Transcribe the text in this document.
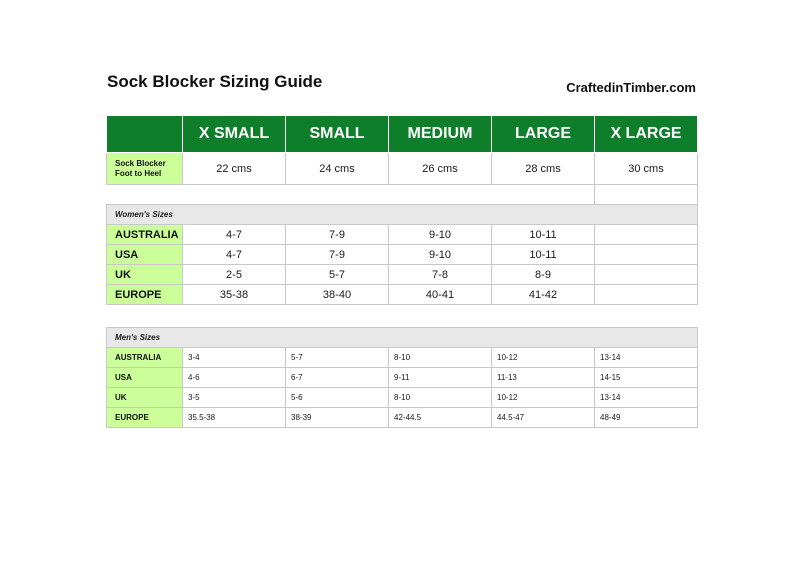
Sock Blocker Sizing Guide	CraftedinTimber.com
	X SMALL	SMALL	MEDIUM	LARGE	X LARGE
Sock Blocker
Foot to Heel	22 cms	24 cms	26 cms	28 cms	30 cms

Women's Sizes					
AUSTRALIA	4-7	7-9	9-10	10-11	
USA	4-7	7-9	9-10	10-11	
UK	2-5	5-7	7-8	8-9	
EUROPE	35-38	38-40	40-41	41-42	
Men's Sizes					
AUSTRALIA	3-4	5-7	8-10	10-12	13-14
USA	4-6	6-7	9-11	11-13	14-15
UK	3-5	5-6	8-10	10-12	13-14
EUROPE	35.5-38	38-39	42-44.5	44.5-47	48-49
